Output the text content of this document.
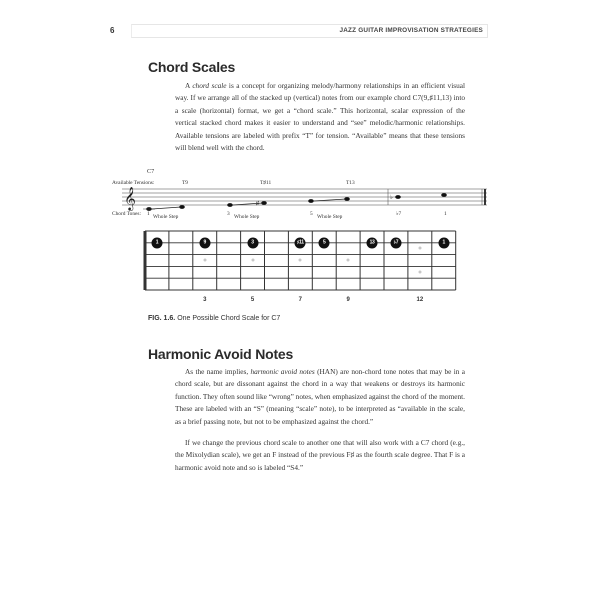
6	JAZZ GUITAR IMPROVISATION STRATEGIES
Chord Scales

A chord scale is a concept for organizing melody/harmony relationships in an efficient visual way. If we arrange all of the stacked up (vertical) notes from our example chord C7(9,♯11,13) into a scale (horizontal) format, we get a “chord scale.” This horizontal, scalar expression of the vertical stacked chord makes it easier to understand and “see” melodic/harmonic relationships. Available tensions are labeled with prefix “T” for tension. “Available” means that these tensions will blend well with the chord.

C7
Available Tensions:
Chord Tones:
T9	T♯11	T13
1	3	5	♭7	1
Whole Step	Whole Step	Whole Step
𝄞	♯
♭
1	9	3	♯11	5	13	♭7	1
3	5	7	9	12
FIG. 1.6. One Possible Chord Scale for C7
Harmonic Avoid Notes

As the name implies, harmonic avoid notes (HAN) are non-chord tone notes that may be in a chord scale, but are dissonant against the chord in a way that weakens or destroys its harmonic function. They often sound like “wrong” notes, when emphasized against the chord of the moment. These are labeled with an “S” (meaning “scale” note), to be interpreted as “available in the scale, as a brief passing note, but not to be emphasized against the chord.”

If we change the previous chord scale to another one that will also work with a C7 chord (e.g., the Mixolydian scale), we get an F instead of the previous F♯ as the fourth scale degree. That F is a harmonic avoid note and so is labeled “S4.”
